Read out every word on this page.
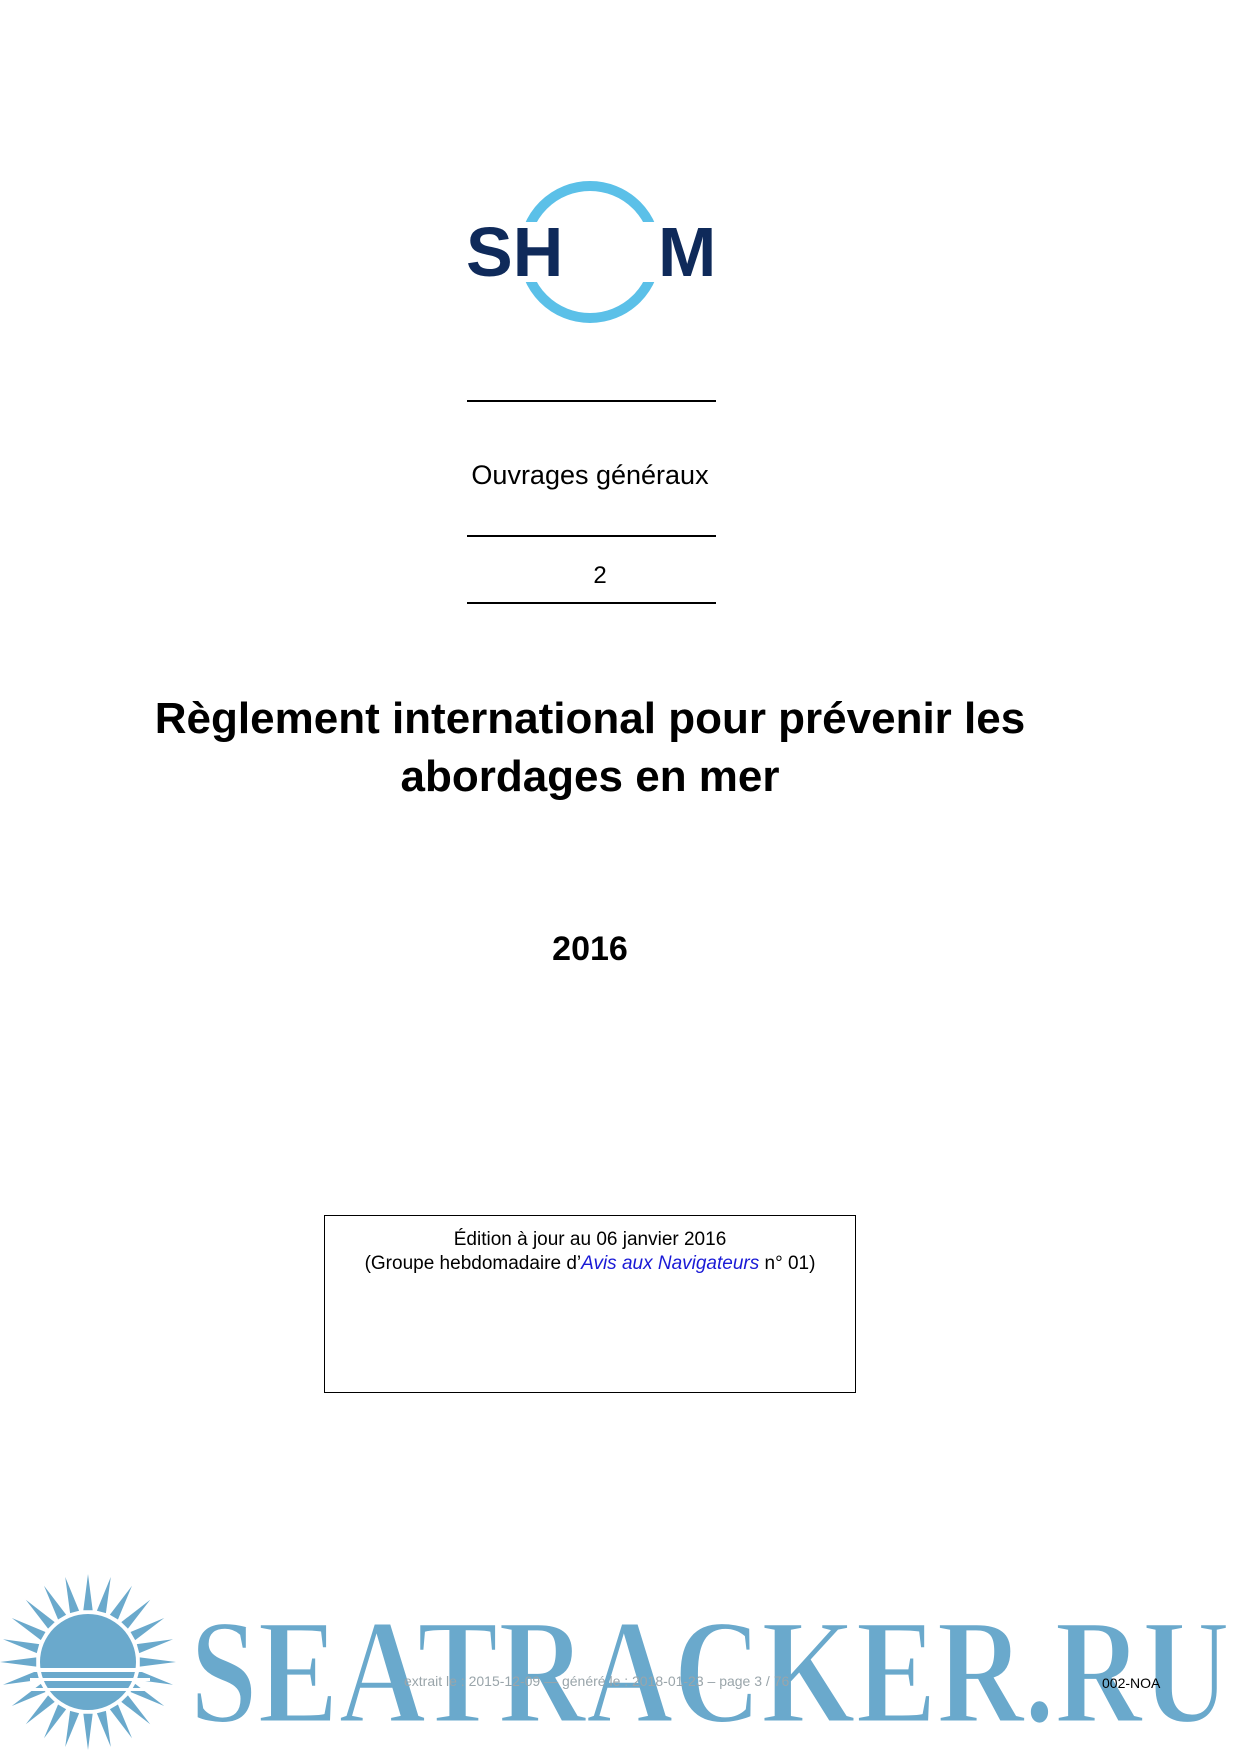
SH M
Ouvrages généraux
2
Règlement international pour prévenir les
abordages en mer
2016
Édition à jour au 06 janvier 2016
(Groupe hebdomadaire d’Avis aux Navigateurs n° 01)
SEATRACKER.RU
extrait le : 2015-12-09 — généré le : 2018-01-23 – page 3 / 76	002-NOA
